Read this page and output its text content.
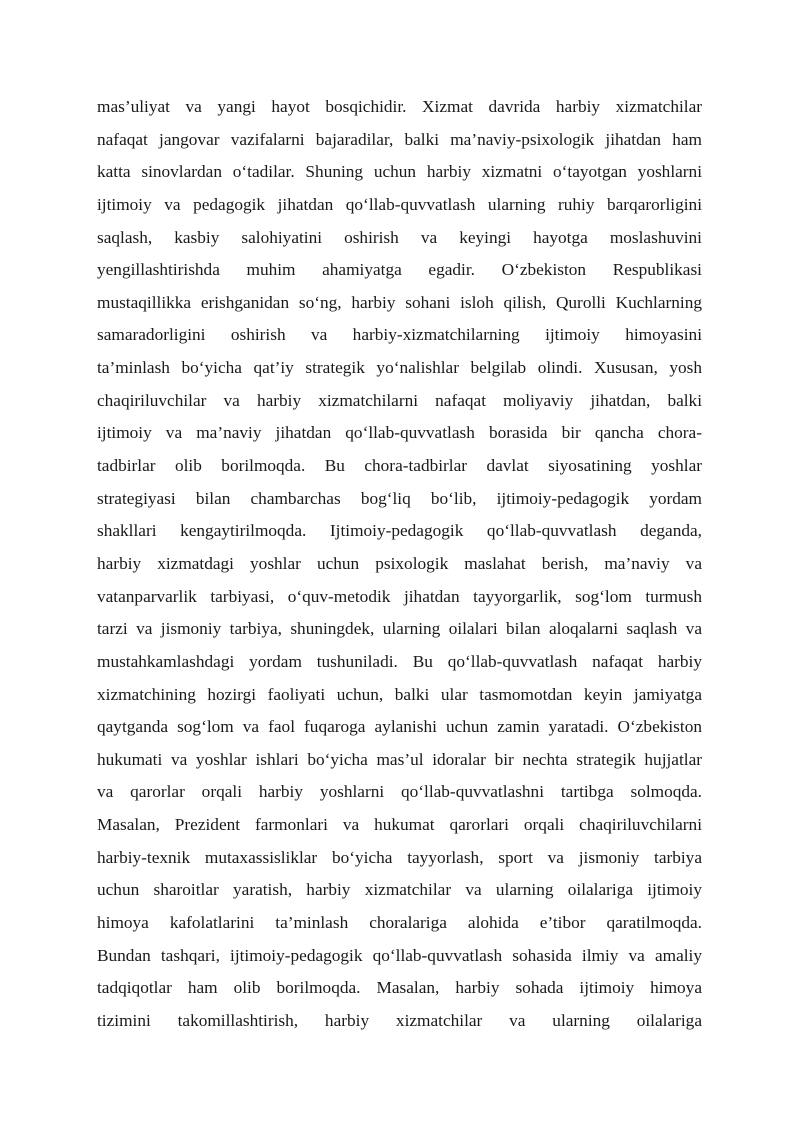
mas’uliyat va yangi hayot bosqichidir. Xizmat davrida harbiy xizmatchilar
nafaqat jangovar vazifalarni bajaradilar, balki ma’naviy-psixologik jihatdan ham
katta sinovlardan o‘tadilar. Shuning uchun harbiy xizmatni o‘tayotgan yoshlarni
ijtimoiy va pedagogik jihatdan qo‘llab-quvvatlash ularning ruhiy barqarorligini
saqlash, kasbiy salohiyatini oshirish va keyingi hayotga moslashuvini
yengillashtirishda muhim ahamiyatga egadir. O‘zbekiston Respublikasi
mustaqillikka erishganidan so‘ng, harbiy sohani isloh qilish, Qurolli Kuchlarning
samaradorligini oshirish va harbiy-xizmatchilarning ijtimoiy himoyasini
ta’minlash bo‘yicha qat’iy strategik yo‘nalishlar belgilab olindi. Xususan, yosh
chaqiriluvchilar va harbiy xizmatchilarni nafaqat moliyaviy jihatdan, balki
ijtimoiy va ma’naviy jihatdan qo‘llab-quvvatlash borasida bir qancha chora-
tadbirlar olib borilmoqda. Bu chora-tadbirlar davlat siyosatining yoshlar
strategiyasi bilan chambarchas bog‘liq bo‘lib, ijtimoiy-pedagogik yordam
shakllari kengaytirilmoqda. Ijtimoiy-pedagogik qo‘llab-quvvatlash deganda,
harbiy xizmatdagi yoshlar uchun psixologik maslahat berish, ma’naviy va
vatanparvarlik tarbiyasi, o‘quv-metodik jihatdan tayyorgarlik, sog‘lom turmush
tarzi va jismoniy tarbiya, shuningdek, ularning oilalari bilan aloqalarni saqlash va
mustahkamlashdagi yordam tushuniladi. Bu qo‘llab-quvvatlash nafaqat harbiy
xizmatchining hozirgi faoliyati uchun, balki ular tasmomotdan keyin jamiyatga
qaytganda sog‘lom va faol fuqaroga aylanishi uchun zamin yaratadi. O‘zbekiston
hukumati va yoshlar ishlari bo‘yicha mas’ul idoralar bir nechta strategik hujjatlar
va qarorlar orqali harbiy yoshlarni qo‘llab-quvvatlashni tartibga solmoqda.
Masalan, Prezident farmonlari va hukumat qarorlari orqali chaqiriluvchilarni
harbiy-texnik mutaxassisliklar bo‘yicha tayyorlash, sport va jismoniy tarbiya
uchun sharoitlar yaratish, harbiy xizmatchilar va ularning oilalariga ijtimoiy
himoya kafolatlarini ta’minlash choralariga alohida e’tibor qaratilmoqda.
Bundan tashqari, ijtimoiy-pedagogik qo‘llab-quvvatlash sohasida ilmiy va amaliy
tadqiqotlar ham olib borilmoqda. Masalan, harbiy sohada ijtimoiy himoya
tizimini takomillashtirish, harbiy xizmatchilar va ularning oilalariga
